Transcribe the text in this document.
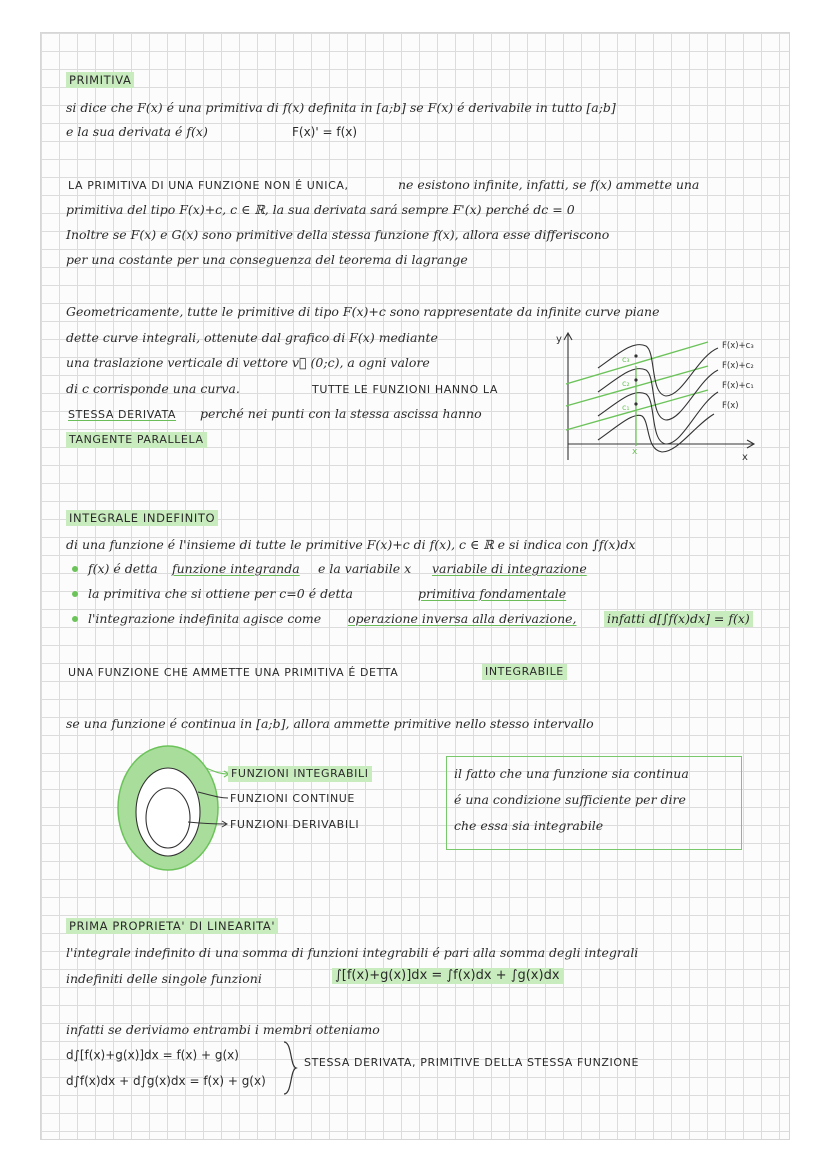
PRIMITIVA
si dice che F(x) é una primitiva di f(x) definita in [a;b] se F(x) é derivabile in tutto [a;b]
e la sua derivata é f(x)	F(x)' = f(x)
LA PRIMITIVA DI UNA FUNZIONE NON É UNICA,	ne esistono infinite, infatti, se f(x) ammette una
primitiva del tipo F(x)+c, c ∈ ℝ, la sua derivata sará sempre F'(x) perché dc = 0
Inoltre se F(x) e G(x) sono primitive della stessa funzione f(x), allora esse differiscono
per una costante per una conseguenza del teorema di lagrange
Geometricamente, tutte le primitive di tipo F(x)+c sono rappresentate da infinite curve piane
dette curve integrali, ottenute dal grafico di F(x) mediante
una traslazione verticale di vettore v⃗ (0;c), a ogni valore
di c corrisponde una curva.	TUTTE LE FUNZIONI HANNO LA
STESSA DERIVATA perché nei punti con la stessa ascissa hanno
TANGENTE PARALLELA
y
x
x
c₃
c₂
c₁
F(x)+c₃
F(x)+c₂
F(x)+c₁
F(x)
INTEGRALE INDEFINITO
di una funzione é l'insieme di tutte le primitive F(x)+c di f(x), c ∈ ℝ e si indica con ∫f(x)dx
f(x) é detta funzione integranda e la variabile x variabile di integrazione
la primitiva che si ottiene per c=0 é detta	primitiva fondamentale
l'integrazione indefinita agisce come operazione inversa alla derivazione, infatti d[∫f(x)dx] = f(x)
UNA FUNZIONE CHE AMMETTE UNA PRIMITIVA É DETTA	INTEGRABILE
se una funzione é continua in [a;b], allora ammette primitive nello stesso intervallo
FUNZIONI INTEGRABILI
FUNZIONI CONTINUE
FUNZIONI DERIVABILI
il fatto che una funzione sia continua
é una condizione sufficiente per dire
che essa sia integrabile
PRIMA PROPRIETA' DI LINEARITA'
l'integrale indefinito di una somma di funzioni integrabili é pari alla somma degli integrali
indefiniti delle singole funzioni	∫[f(x)+g(x)]dx = ∫f(x)dx + ∫g(x)dx
infatti se deriviamo entrambi i membri otteniamo
d∫[f(x)+g(x)]dx = f(x) + g(x)
d∫f(x)dx + d∫g(x)dx = f(x) + g(x)
STESSA DERIVATA, PRIMITIVE DELLA STESSA FUNZIONE
